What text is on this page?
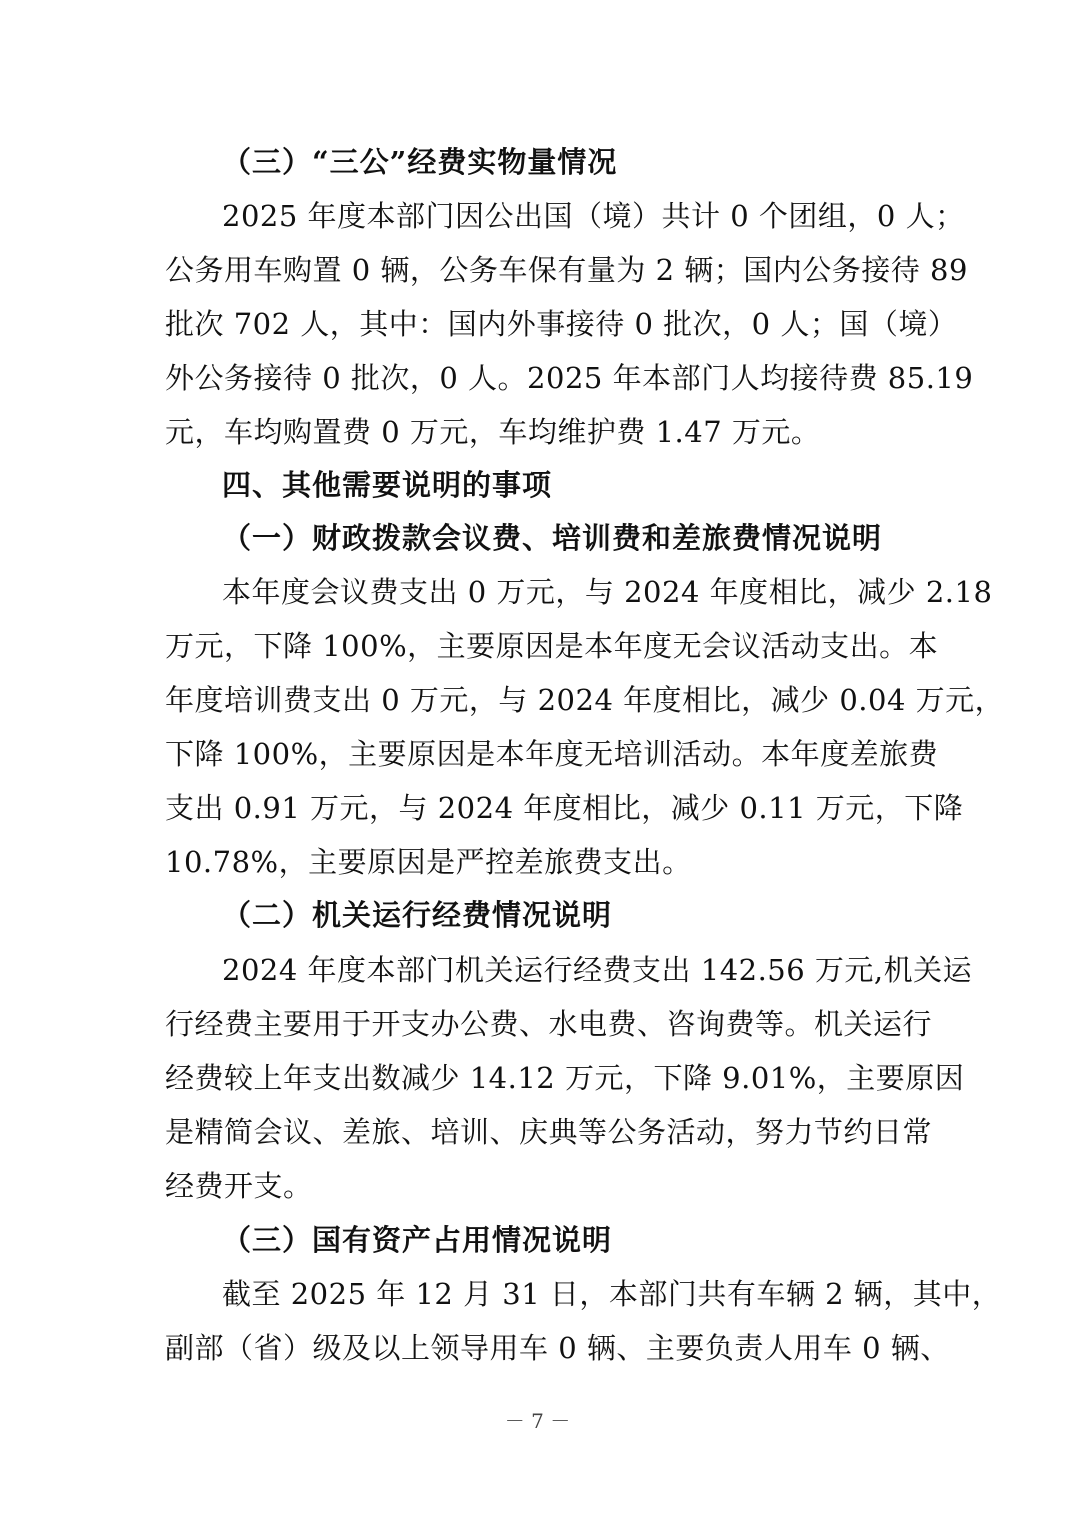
（三）“三公”经费实物量情况
2025 年度本部门因公出国（境）共计 0 个团组，0 人；
公务用车购置 0 辆，公务车保有量为 2 辆；国内公务接待 89
批次 702 人，其中：国内外事接待 0 批次，0 人；国（境）
外公务接待 0 批次，0 人。2025 年本部门人均接待费 85.19
元，车均购置费 0 万元，车均维护费 1.47 万元。
四、其他需要说明的事项
（一）财政拨款会议费、培训费和差旅费情况说明
本年度会议费支出 0 万元，与 2024 年度相比，减少 2.18
万元，下降 100%，主要原因是本年度无会议活动支出。本
年度培训费支出 0 万元，与 2024 年度相比，减少 0.04 万元，
下降 100%，主要原因是本年度无培训活动。本年度差旅费
支出 0.91 万元，与 2024 年度相比，减少 0.11 万元，下降
10.78%，主要原因是严控差旅费支出。
（二）机关运行经费情况说明
2024 年度本部门机关运行经费支出 142.56 万元,机关运
行经费主要用于开支办公费、水电费、咨询费等。机关运行
经费较上年支出数减少 14.12 万元，下降 9.01%，主要原因
是精简会议、差旅、培训、庆典等公务活动，努力节约日常
经费开支。
（三）国有资产占用情况说明
截至 2025 年 12 月 31 日，本部门共有车辆 2 辆，其中，
副部（省）级及以上领导用车 0 辆、主要负责人用车 0 辆、
－ 7 －
